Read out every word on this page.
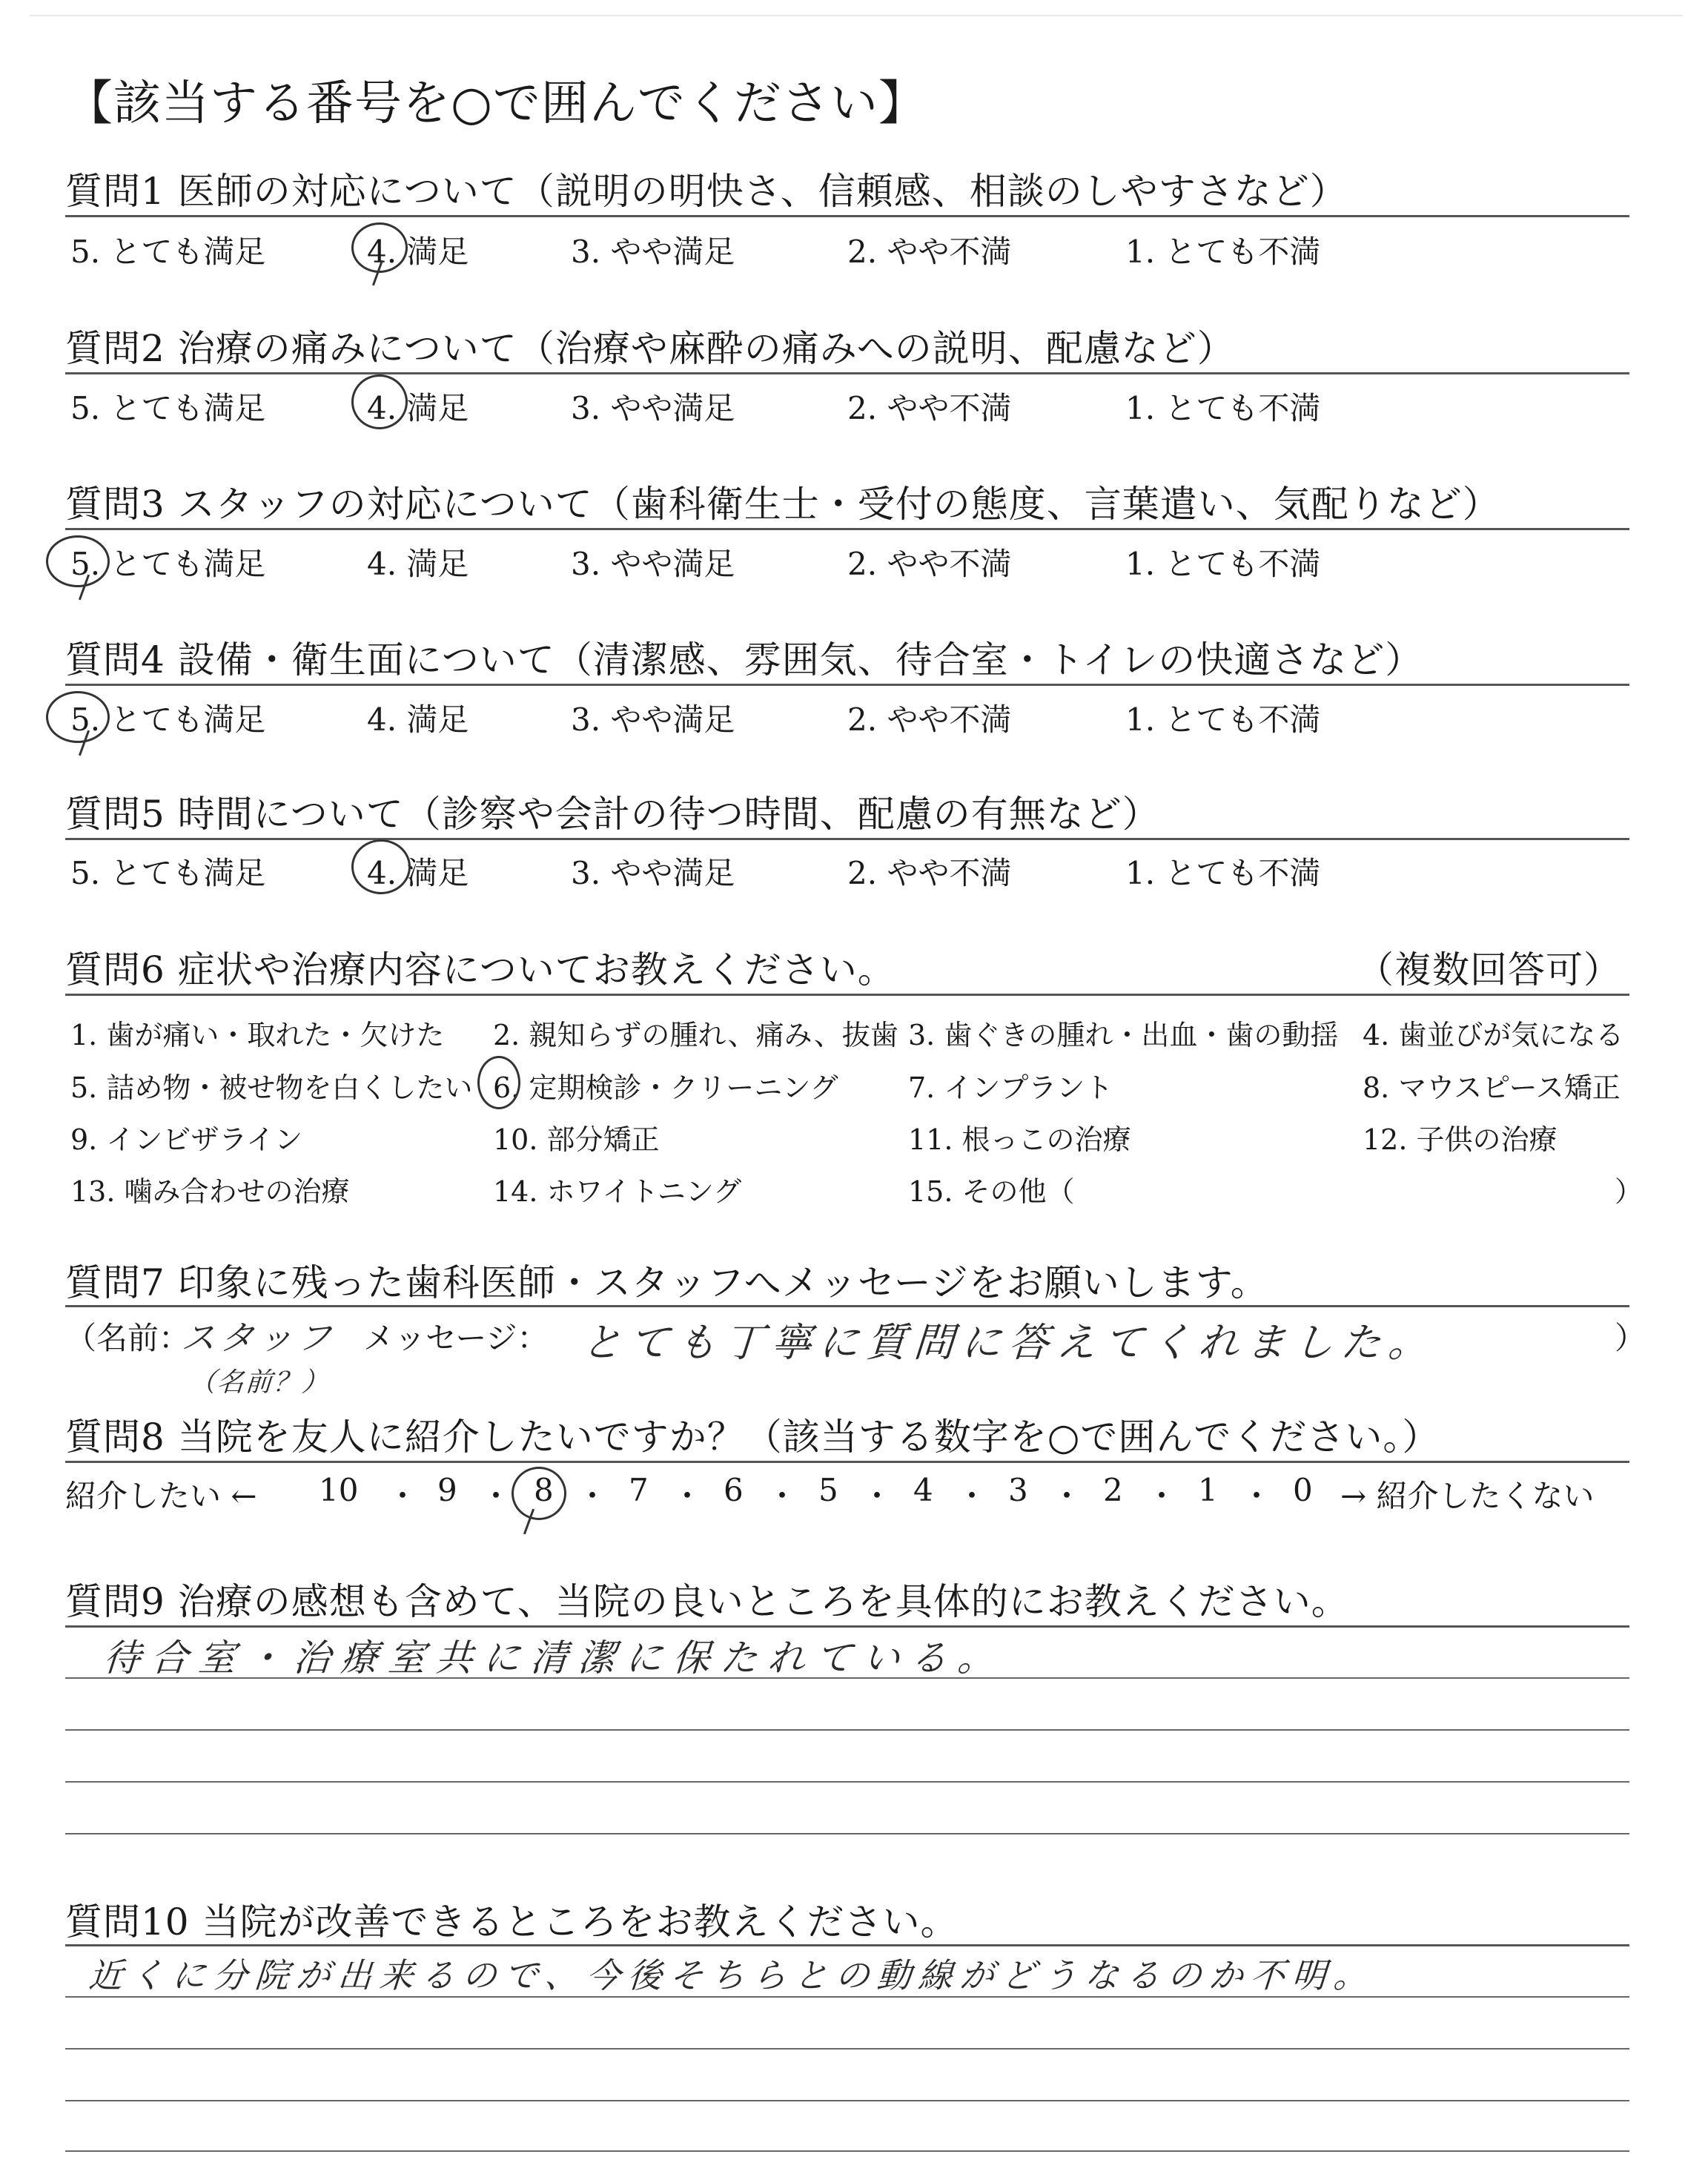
【該当する番号を○で囲んでください】
質問1 医師の対応について（説明の明快さ、信頼感、相談のしやすさなど）
5. とても満足	4. 満足	3. やや満足	2. やや不満	1. とても不満
質問2 治療の痛みについて（治療や麻酔の痛みへの説明、配慮など）
5. とても満足	4. 満足	3. やや満足	2. やや不満	1. とても不満
質問3 スタッフの対応について（歯科衛生士・受付の態度、言葉遣い、気配りなど）
5. とても満足	4. 満足	3. やや満足	2. やや不満	1. とても不満
質問4 設備・衛生面について（清潔感、雰囲気、待合室・トイレの快適さなど）
5. とても満足	4. 満足	3. やや満足	2. やや不満	1. とても不満
質問5 時間について（診察や会計の待つ時間、配慮の有無など）
5. とても満足	4. 満足	3. やや満足	2. やや不満	1. とても不満
質問6 症状や治療内容についてお教えください。	（複数回答可）
1. 歯が痛い・取れた・欠けた 2. 親知らずの腫れ、痛み、抜歯 3. 歯ぐきの腫れ・出血・歯の動揺 4. 歯並びが気になる
5. 詰め物・被せ物を白くしたい 6. 定期検診・クリーニング 7. インプラント	8. マウスピース矯正
9. インビザライン	10. 部分矯正	11. 根っこの治療	12. 子供の治療
13. 噛み合わせの治療	14. ホワイトニング	15. その他（	）
質問7 印象に残った歯科医師・スタッフへメッセージをお願いします。
（名前：	メッセージ：	）
スタッフ
（名前？）
とても丁寧に質問に答えてくれました。
質問8 当院を友人に紹介したいですか？（該当する数字を○で囲んでください。）
紹介したい ← 10 ・ 9 ・ 8 ・ 7 ・ 6 ・ 5 ・ 4 ・ 3 ・ 2 ・ 1 ・ 0 → 紹介したくない
質問9 治療の感想も含めて、当院の良いところを具体的にお教えください。
待合室・治療室共に清潔に保たれている。
質問10 当院が改善できるところをお教えください。
近くに分院が出来るので、今後そちらとの動線がどうなるのか不明。
